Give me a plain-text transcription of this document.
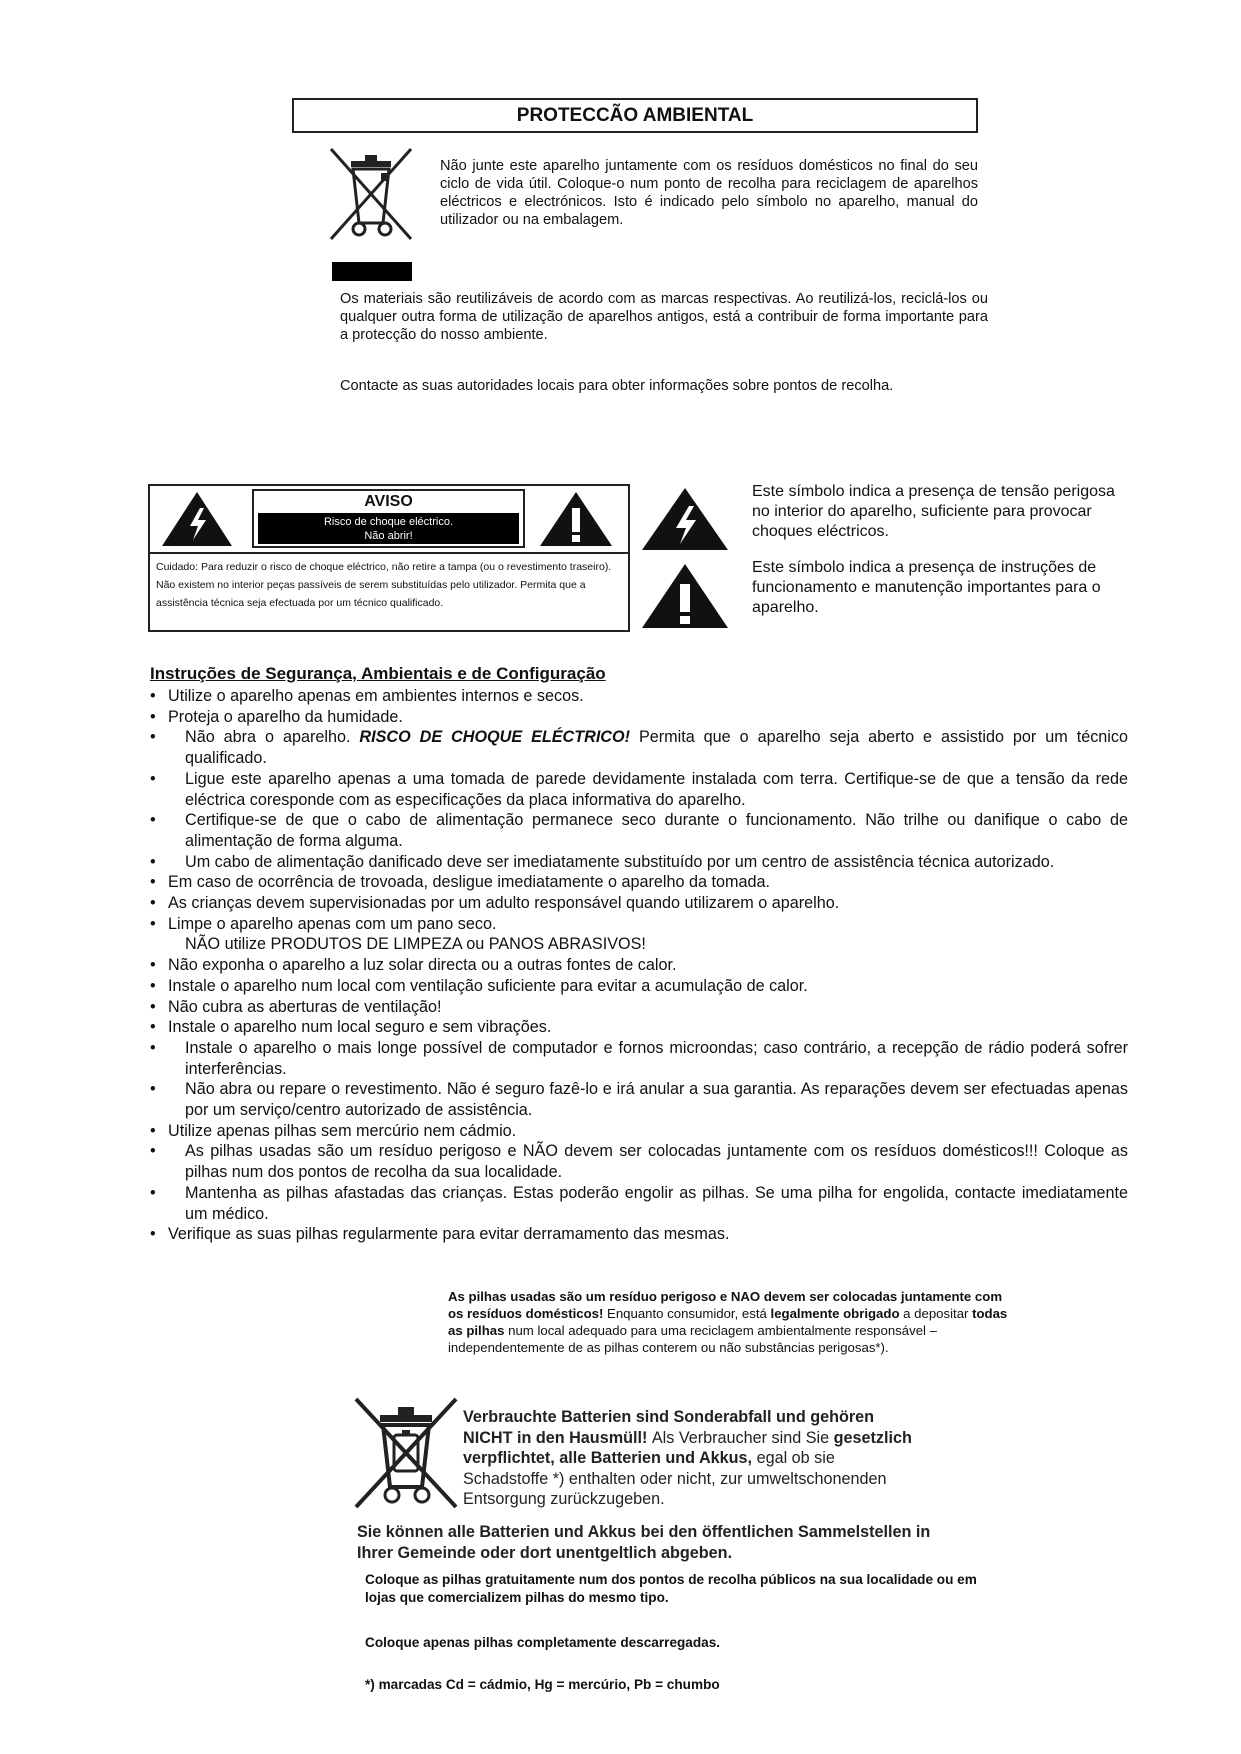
PROTECCÃO AMBIENTAL

Não junte este aparelho juntamente com os resíduos domésticos no final do seu ciclo de vida útil. Coloque-o num ponto de recolha para reciclagem de aparelhos eléctricos e electrónicos. Isto é indicado pelo símbolo no aparelho, manual do utilizador ou na embalagem.

Os materiais são reutilizáveis de acordo com as marcas respectivas. Ao reutilizá-los, reciclá-los ou qualquer outra forma de utilização de aparelhos antigos, está a contribuir de forma importante para a protecção do nosso ambiente.

Contacte as suas autoridades locais para obter informações sobre pontos de recolha.

AVISO
Risco de choque eléctrico.
Não abrir!
Cuidado: Para reduzir o risco de choque eléctrico, não retire a tampa (ou o revestimento traseiro). Não existem no interior peças passíveis de serem substituídas pelo utilizador. Permita que a assistência técnica seja efectuada por um técnico qualificado.
Este símbolo indica a presença de tensão perigosa no interior do aparelho, suficiente para provocar choques eléctricos.
Este símbolo indica a presença de instruções de funcionamento e manutenção importantes para o aparelho.
Instruções de Segurança, Ambientais e de Configuração
• Utilize o aparelho apenas em ambientes internos e secos.
• Proteja o aparelho da humidade.
• Não abra o aparelho. RISCO DE CHOQUE ELÉCTRICO! Permita que o aparelho seja aberto e assistido por um técnico qualificado.
• Ligue este aparelho apenas a uma tomada de parede devidamente instalada com terra. Certifique-se de que a tensão da rede eléctrica coresponde com as especificações da placa informativa do aparelho.
• Certifique-se de que o cabo de alimentação permanece seco durante o funcionamento. Não trilhe ou danifique o cabo de alimentação de forma alguma.
• Um cabo de alimentação danificado deve ser imediatamente substituído por um centro de assistência técnica autorizado.
• Em caso de ocorrência de trovoada, desligue imediatamente o aparelho da tomada.
• As crianças devem supervisionadas por um adulto responsável quando utilizarem o aparelho.
• Limpe o aparelho apenas com um pano seco.
NÃO utilize PRODUTOS DE LIMPEZA ou PANOS ABRASIVOS!
• Não exponha o aparelho a luz solar directa ou a outras fontes de calor.
• Instale o aparelho num local com ventilação suficiente para evitar a acumulação de calor.
• Não cubra as aberturas de ventilação!
• Instale o aparelho num local seguro e sem vibrações.
• Instale o aparelho o mais longe possível de computador e fornos microondas; caso contrário, a recepção de rádio poderá sofrer interferências.
• Não abra ou repare o revestimento. Não é seguro fazê-lo e irá anular a sua garantia. As reparações devem ser efectuadas apenas por um serviço/centro autorizado de assistência.
• Utilize apenas pilhas sem mercúrio nem cádmio.
• As pilhas usadas são um resíduo perigoso e NÃO devem ser colocadas juntamente com os resíduos domésticos!!! Coloque as pilhas num dos pontos de recolha da sua localidade.
• Mantenha as pilhas afastadas das crianças. Estas poderão engolir as pilhas. Se uma pilha for engolida, contacte imediatamente um médico.
• Verifique as suas pilhas regularmente para evitar derramamento das mesmas.
As pilhas usadas são um resíduo perigoso e NAO devem ser colocadas juntamente com os resíduos domésticos! Enquanto consumidor, está legalmente obrigado a depositar todas as pilhas num local adequado para uma reciclagem ambientalmente responsável – independentemente de as pilhas conterem ou não substâncias perigosas*).
Verbrauchte Batterien sind Sonderabfall und gehören NICHT in den Hausmüll! Als Verbraucher sind Sie gesetzlich verpflichtet, alle Batterien und Akkus, egal ob sie Schadstoffe *) enthalten oder nicht, zur umweltschonenden Entsorgung zurückzugeben.
Sie können alle Batterien und Akkus bei den öffentlichen Sammelstellen in Ihrer Gemeinde oder dort unentgeltlich abgeben.
Coloque as pilhas gratuitamente num dos pontos de recolha públicos na sua localidade ou em lojas que comercializem pilhas do mesmo tipo.
Coloque apenas pilhas completamente descarregadas.
*) marcadas Cd = cádmio, Hg = mercúrio, Pb = chumbo
